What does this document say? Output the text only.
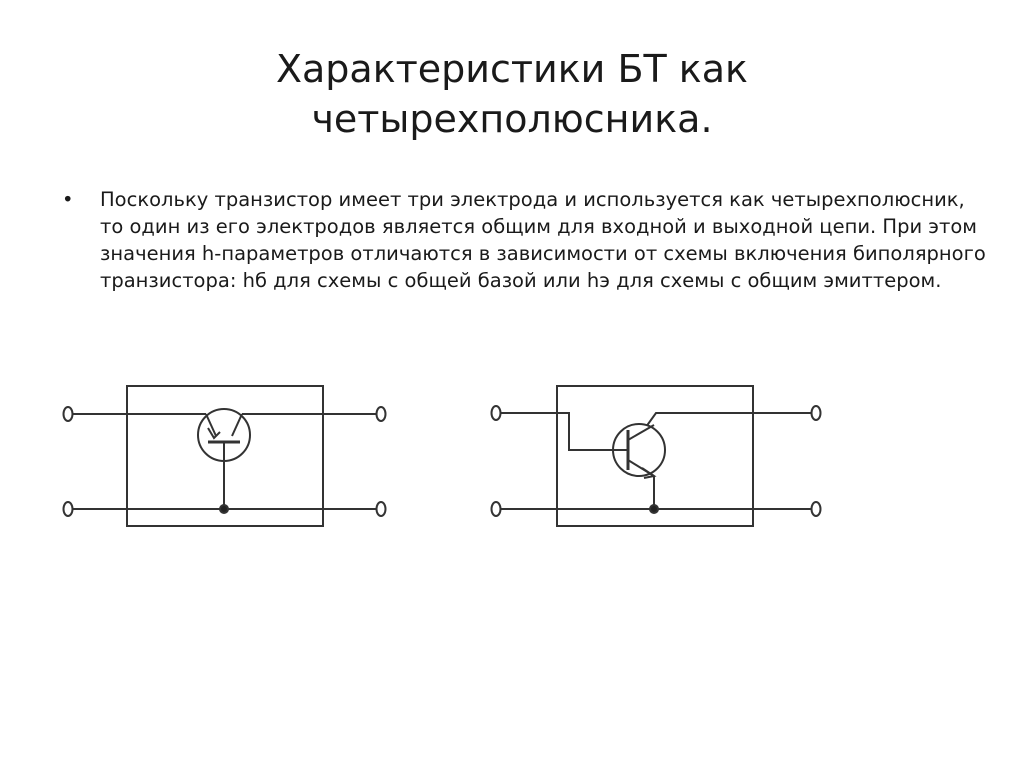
Характеристики БТ как
четырехполюсника.
• Поскольку транзистор имеет три электрода и используется как четырехполюсник, то один из его электродов является общим для входной и выходной цепи. При этом значения h-параметров отличаются в зависимости от схемы включения биполярного транзистора: hб для схемы с общей базой или hэ для схемы с общим эмиттером.
